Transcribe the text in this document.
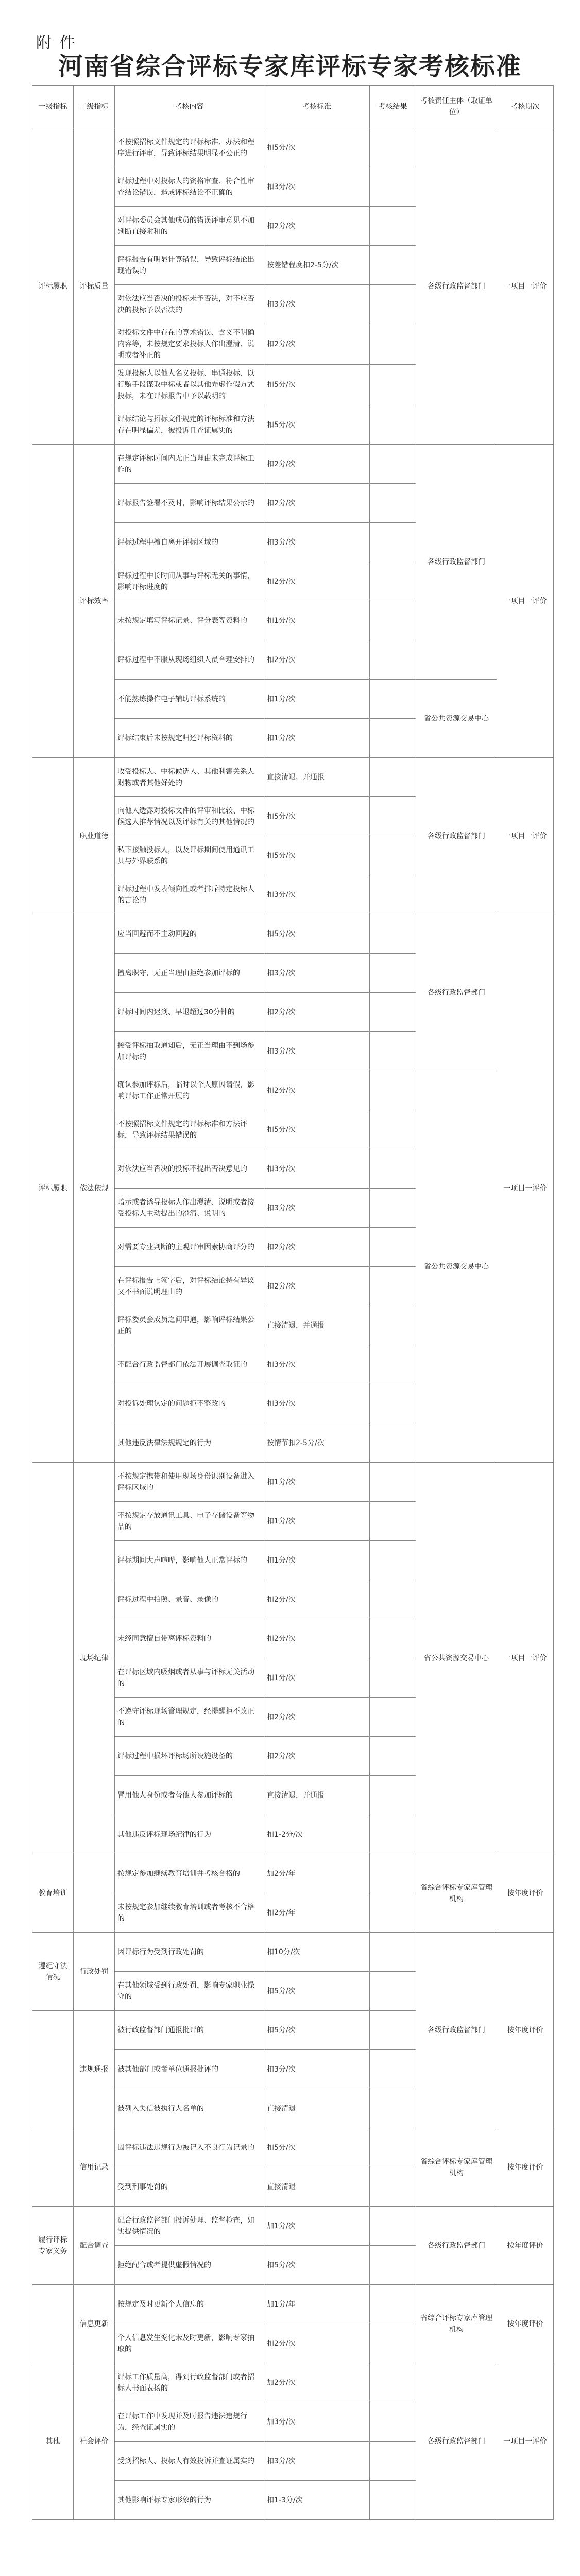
附 件
河南省综合评标专家库评标专家考核标准
一级指标	二级指标	考核内容	考核标准	考核结果	考核责任主体（取证单位）	考核期次
评标履职	评标质量	不按照招标文件规定的评标标准、办法和程序进行评审，导致评标结果明显不公正的	扣5分/次		各级行政监督部门	一项目一评价
		评标过程中对投标人的资格审查、符合性审查结论错误，造成评标结论不正确的	扣3分/次			
		对评标委员会其他成员的错误评审意见不加判断直接附和的	扣2分/次			
		评标报告有明显计算错误，导致评标结论出现错误的	按差错程度扣2-5分/次			
		对依法应当否决的投标未予否决，对不应否决的投标予以否决的	扣3分/次			
		对投标文件中存在的算术错误、含义不明确内容等，未按规定要求投标人作出澄清、说明或者补正的	扣2分/次			
		发现投标人以他人名义投标、串通投标、以行贿手段谋取中标或者以其他弄虚作假方式投标，未在评标报告中予以载明的	扣5分/次			
		评标结论与招标文件规定的评标标准和方法存在明显偏差，被投诉且查证属实的	扣5分/次			
	评标效率	在规定评标时间内无正当理由未完成评标工作的	扣2分/次		各级行政监督部门	一项目一评价
		评标报告签署不及时，影响评标结果公示的	扣2分/次			
		评标过程中擅自离开评标区域的	扣3分/次			
		评标过程中长时间从事与评标无关的事情，影响评标进度的	扣2分/次			
		未按规定填写评标记录、评分表等资料的	扣1分/次			
		评标过程中不服从现场组织人员合理安排的	扣2分/次			
		不能熟练操作电子辅助评标系统的	扣1分/次		省公共资源交易中心	
		评标结束后未按规定归还评标资料的	扣1分/次			
	职业道德	收受投标人、中标候选人、其他利害关系人财物或者其他好处的	直接清退，并通报		各级行政监督部门	一项目一评价
		向他人透露对投标文件的评审和比较、中标候选人推荐情况以及评标有关的其他情况的	扣5分/次			
		私下接触投标人，以及评标期间使用通讯工具与外界联系的	扣5分/次			
		评标过程中发表倾向性或者排斥特定投标人的言论的	扣3分/次			
评标履职	依法依规	应当回避而不主动回避的	扣5分/次		各级行政监督部门	一项目一评价
		擅离职守，无正当理由拒绝参加评标的	扣3分/次			
		评标时间内迟到、早退超过30分钟的	扣2分/次			
		接受评标抽取通知后，无正当理由不到场参加评标的	扣3分/次			
		确认参加评标后，临时以个人原因请假，影响评标工作正常开展的	扣2分/次		省公共资源交易中心	
		不按照招标文件规定的评标标准和方法评标，导致评标结果错误的	扣5分/次			
		对依法应当否决的投标不提出否决意见的	扣3分/次			
		暗示或者诱导投标人作出澄清、说明或者接受投标人主动提出的澄清、说明的	扣3分/次			
		对需要专业判断的主观评审因素协商评分的	扣2分/次			
		在评标报告上签字后，对评标结论持有异议又不书面说明理由的	扣2分/次			
		评标委员会成员之间串通，影响评标结果公正的	直接清退，并通报			
		不配合行政监督部门依法开展调查取证的	扣3分/次			
		对投诉处理认定的问题拒不整改的	扣3分/次			
		其他违反法律法规规定的行为	按情节扣2-5分/次			
	现场纪律	不按规定携带和使用现场身份识别设备进入评标区域的	扣1分/次		省公共资源交易中心	一项目一评价
		不按规定存放通讯工具、电子存储设备等物品的	扣1分/次			
		评标期间大声喧哗，影响他人正常评标的	扣1分/次			
		评标过程中拍照、录音、录像的	扣2分/次			
		未经同意擅自带离评标资料的	扣2分/次			
		在评标区域内吸烟或者从事与评标无关活动的	扣1分/次			
		不遵守评标现场管理规定，经提醒拒不改正的	扣2分/次			
		评标过程中损坏评标场所设施设备的	扣2分/次			
		冒用他人身份或者替他人参加评标的	直接清退，并通报			
		其他违反评标现场纪律的行为	扣1-2分/次			
教育培训		按规定参加继续教育培训并考核合格的	加2分/年		省综合评标专家库管理机构	按年度评价
		未按规定参加继续教育培训或者考核不合格的	扣2分/年			
遵纪守法情况	行政处罚	因评标行为受到行政处罚的	扣10分/次		各级行政监督部门	按年度评价
		在其他领域受到行政处罚，影响专家职业操守的	扣5分/次			
	违规通报	被行政监督部门通报批评的	扣5分/次			
		被其他部门或者单位通报批评的	扣3分/次			
		被列入失信被执行人名单的	直接清退			
	信用记录	因评标违法违规行为被记入不良行为记录的	扣5分/次		省综合评标专家库管理机构	按年度评价
		受到刑事处罚的	直接清退			
履行评标专家义务	配合调查	配合行政监督部门投诉处理、监督检查，如实提供情况的	加1分/次		各级行政监督部门	按年度评价
		拒绝配合或者提供虚假情况的	扣5分/次			
	信息更新	按规定及时更新个人信息的	加1分/年		省综合评标专家库管理机构	按年度评价
		个人信息发生变化未及时更新，影响专家抽取的	扣2分/次			
其他	社会评价	评标工作质量高，得到行政监督部门或者招标人书面表扬的	加2分/次		各级行政监督部门	一项目一评价
		在评标工作中发现并及时报告违法违规行为，经查证属实的	加3分/次			
		受到招标人、投标人有效投诉并查证属实的	扣3分/次			
		其他影响评标专家形象的行为	扣1-3分/次			
